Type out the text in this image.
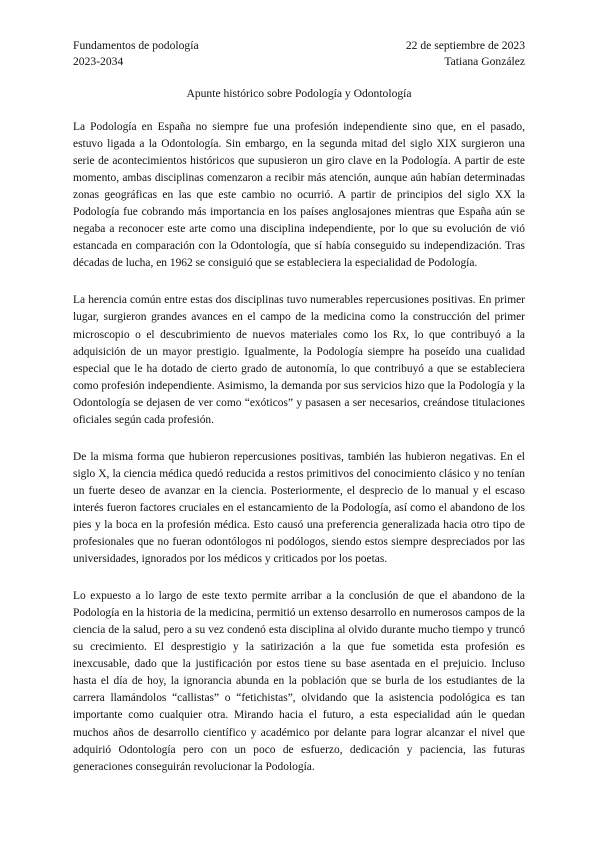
Fundamentos de podología
2023-2034
22 de septiembre de 2023
Tatiana González
Apunte histórico sobre Podología y Odontología

La Podología en España no siempre fue una profesión independiente sino que, en el pasado, estuvo ligada a la Odontología. Sin embargo, en la segunda mitad del siglo XIX surgieron una serie de acontecimientos históricos que supusieron un giro clave en la Podología. A partir de este momento, ambas disciplinas comenzaron a recibir más atención, aunque aún habían determinadas zonas geográficas en las que este cambio no ocurrió. A partir de principios del siglo XX la Podología fue cobrando más importancia en los países anglosajones mientras que España aún se negaba a reconocer este arte como una disciplina independiente, por lo que su evolución de vió estancada en comparación con la Odontología, que sí había conseguido su independización. Tras décadas de lucha, en 1962 se consiguió que se estableciera la especialidad de Podología.

La herencia común entre estas dos disciplinas tuvo numerables repercusiones positivas. En primer lugar, surgieron grandes avances en el campo de la medicina como la construcción del primer microscopio o el descubrimiento de nuevos materiales como los Rx, lo que contribuyó a la adquisición de un mayor prestigio. Igualmente, la Podología siempre ha poseído una cualidad especial que le ha dotado de cierto grado de autonomía, lo que contribuyó a que se estableciera como profesión independiente. Asimismo, la demanda por sus servicios hizo que la Podología y la Odontología se dejasen de ver como “exóticos” y pasasen a ser necesarios, creándose titulaciones oficiales según cada profesión.

De la misma forma que hubieron repercusiones positivas, también las hubieron negativas. En el siglo X, la ciencia médica quedó reducida a restos primitivos del conocimiento clásico y no tenían un fuerte deseo de avanzar en la ciencia. Posteriormente, el desprecio de lo manual y el escaso interés fueron factores cruciales en el estancamiento de la Podología, así como el abandono de los pies y la boca en la profesión médica. Esto causó una preferencia generalizada hacia otro tipo de profesionales que no fueran odontólogos ni podólogos, siendo estos siempre despreciados por las universidades, ignorados por los médicos y criticados por los poetas.

Lo expuesto a lo largo de este texto permite arribar a la conclusión de que el abandono de la Podología en la historia de la medicina, permitió un extenso desarrollo en numerosos campos de la ciencia de la salud, pero a su vez condenó esta disciplina al olvido durante mucho tiempo y truncó su crecimiento. El desprestigio y la satirización a la que fue sometida esta profesión es inexcusable, dado que la justificación por estos tiene su base asentada en el prejuicio. Incluso hasta el día de hoy, la ignorancia abunda en la población que se burla de los estudiantes de la carrera llamándolos “callistas” o “fetichistas”, olvidando que la asistencia podológica es tan importante como cualquier otra. Mirando hacia el futuro, a esta especialidad aún le quedan muchos años de desarrollo científico y académico por delante para lograr alcanzar el nivel que adquirió Odontología pero con un poco de esfuerzo, dedicación y paciencia, las futuras generaciones conseguirán revolucionar la Podología.
